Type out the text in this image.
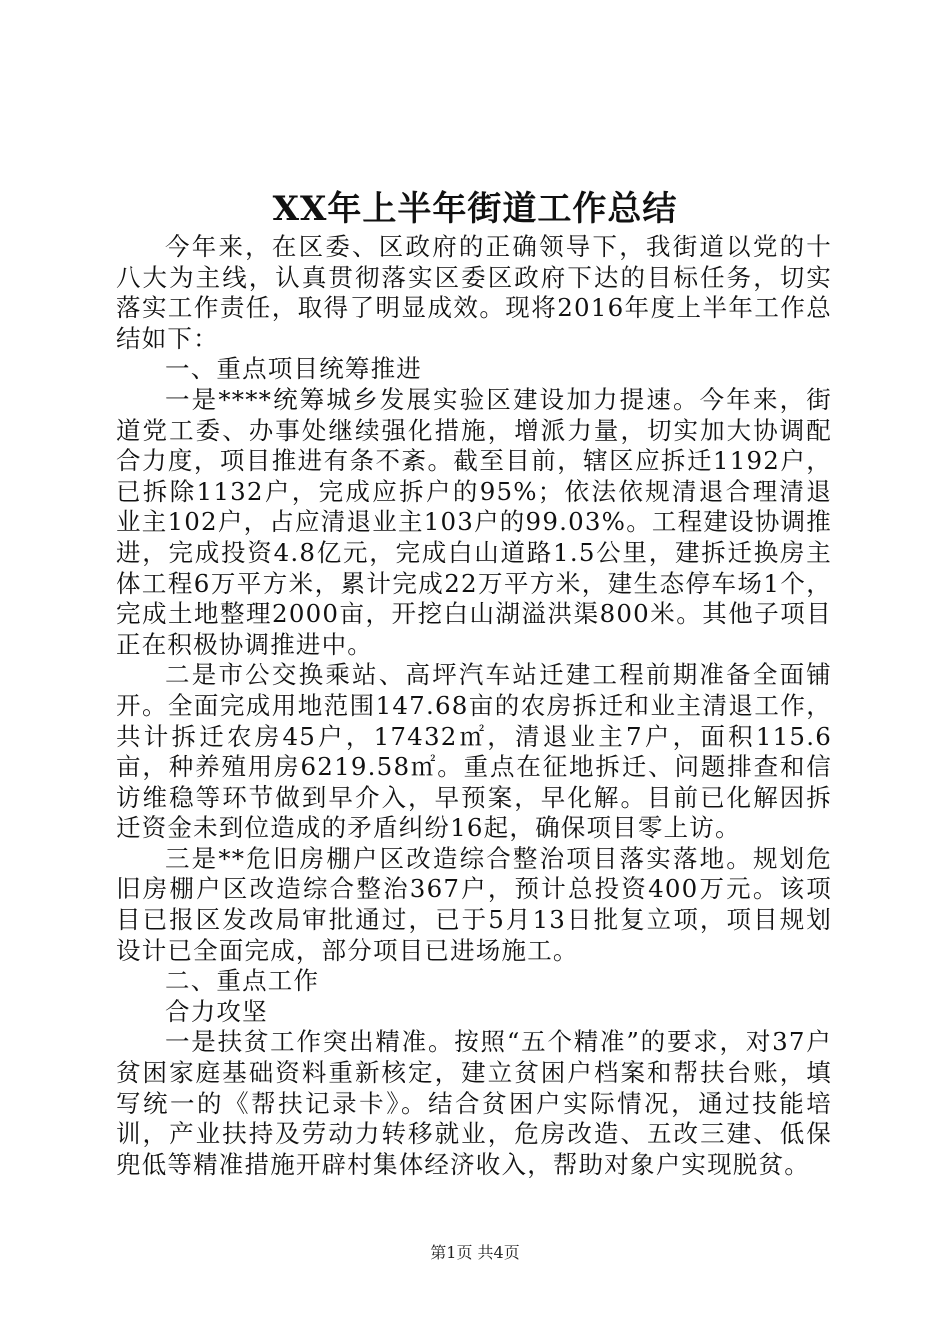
XX年上半年街道工作总结

今年来，在区委、区政府的正确领导下，我街道以党的十八大为主线，认真贯彻落实区委区政府下达的目标任务，切实落实工作责任，取得了明显成效。现将2016年度上半年工作总结如下：

一、重点项目统筹推进

一是****统筹城乡发展实验区建设加力提速。今年来，街道党工委、办事处继续强化措施，增派力量，切实加大协调配合力度，项目推进有条不紊。截至目前，辖区应拆迁1192户，已拆除1132户，完成应拆户的95%；依法依规清退合理清退业主102户，占应清退业主103户的99.03%。工程建设协调推进，完成投资4.8亿元，完成白山道路1.5公里，建拆迁换房主体工程6万平方米，累计完成22万平方米，建生态停车场1个，完成土地整理2000亩，开挖白山湖溢洪渠800米。其他子项目正在积极协调推进中。

二是市公交换乘站、高坪汽车站迁建工程前期准备全面铺开。全面完成用地范围147.68亩的农房拆迁和业主清退工作，共计拆迁农房45户，17432㎡，清退业主7户，面积115.6亩，种养殖用房6219.58㎡。重点在征地拆迁、问题排查和信访维稳等环节做到早介入，早预案，早化解。目前已化解因拆迁资金未到位造成的矛盾纠纷16起，确保项目零上访。

三是**危旧房棚户区改造综合整治项目落实落地。规划危旧房棚户区改造综合整治367户，预计总投资400万元。该项目已报区发改局审批通过，已于5月13日批复立项，项目规划设计已全面完成，部分项目已进场施工。

二、重点工作

合力攻坚

一是扶贫工作突出精准。按照“五个精准”的要求，对37户贫困家庭基础资料重新核定，建立贫困户档案和帮扶台账，填写统一的《帮扶记录卡》。结合贫困户实际情况，通过技能培训，产业扶持及劳动力转移就业，危房改造、五改三建、低保兜低等精准措施开辟村集体经济收入，帮助对象户实现脱贫。

第1页 共4页
